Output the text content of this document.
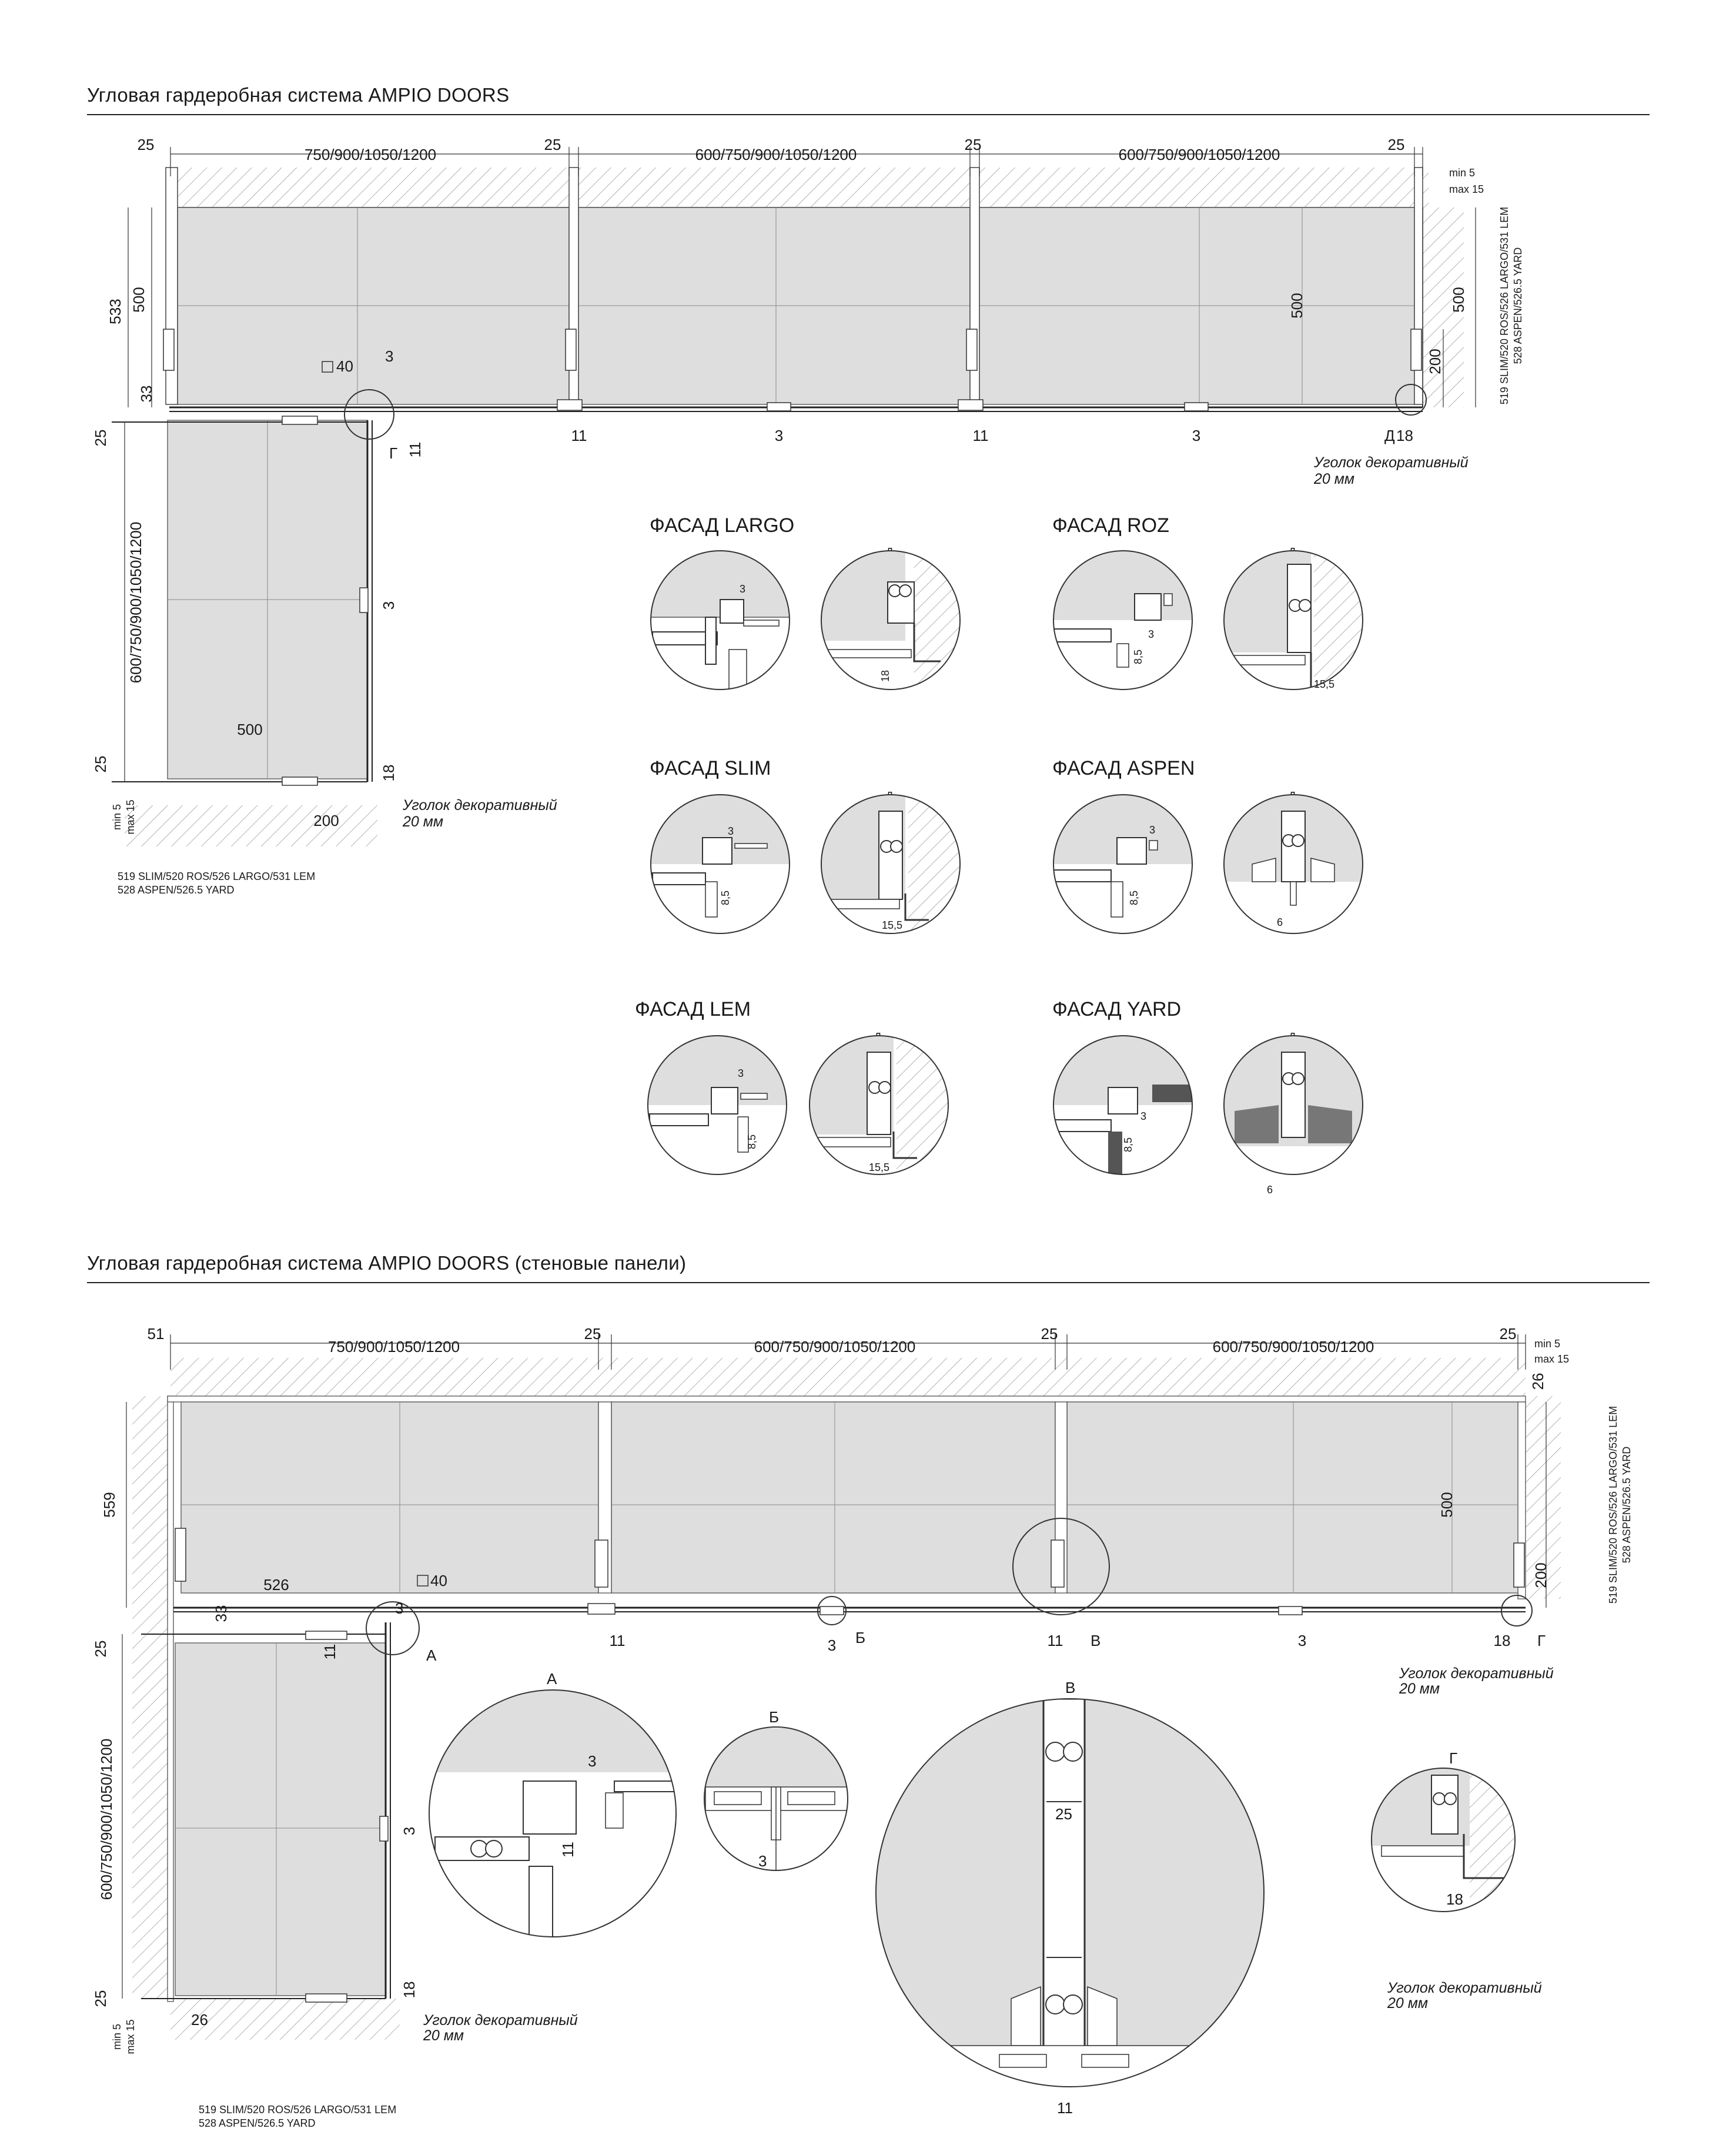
Угловая гардеробная система AMPIO DOORS
Угловая гардеробная система AMPIO DOORS (стеновые панели)
25
750/900/1050/1200
25
600/750/900/1050/1200
25
600/750/900/1050/1200
25
533 500
33
25
600/750/900/1050/1200
25
min 5 max 15
min 5
max 15
500
200	519 SLIM/520 ROS/526 LARGO/531 LEM 528 ASPEN/526.5 YARD
500
500
40
3
11	3	11	3
Г 11
Д 18
3
18
200
Уголок декоративный
20 мм
Уголок декоративный
20 мм
519 SLIM/520 ROS/526 LARGO/531 LEM
528 ASPEN/526.5 YARD
ФАСАД LARGO	ФАСАД ROZ
ФАСАД SLIM	ФАСАД ASPEN
ФАСАД LEM	ФАСАД YARD
3
18
3
8,5
15,5
3
8,5
15,5
3
8,5
6
3
8,5
15,5
3
8,5
6
51
750/900/1050/1200
25
600/750/900/1050/1200
25
600/750/900/1050/1200
25
min 5
max 15
26
559
526	40
33	3
500
200	519 SLIM/520 ROS/526 LARGO/531 LEM 528 ASPEN/526.5 YARD
11	3	11	3	18
А
Б	В	Г
25
600/750/900/1050/1200
25
min 5 max 15
11
3
18
26
Уголок декоративный
20 мм
Уголок декоративный
20 мм
Уголок декоративный
20 мм
519 SLIM/520 ROS/526 LARGO/531 LEM
528 ASPEN/526.5 YARD
А
3
11
Б
3
В
25
11
Г
18
